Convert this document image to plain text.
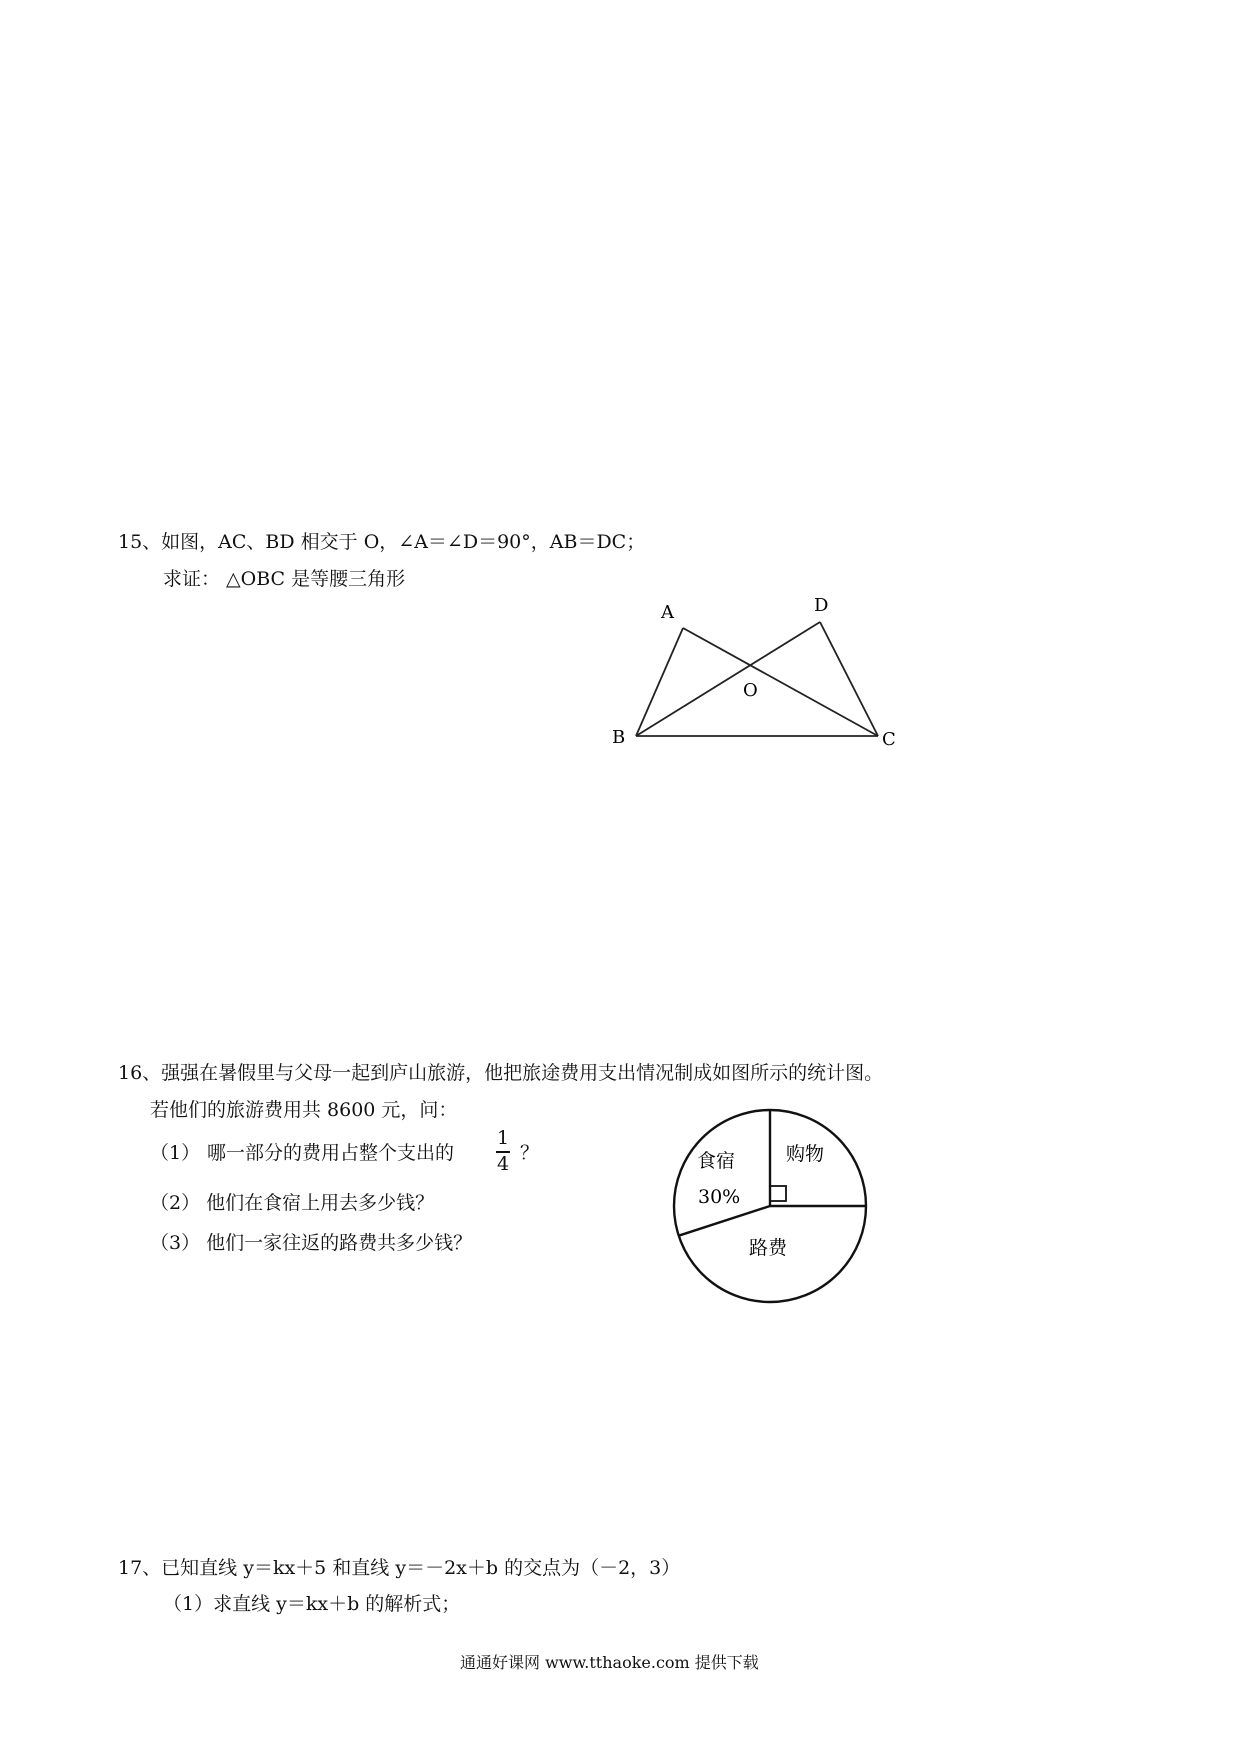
15、如图，AC、BD 相交于 O，∠A＝∠D＝90°，AB＝DC；
求证： △OBC 是等腰三角形
A	D
O
B	C
16、强强在暑假里与父母一起到庐山旅游，他把旅途费用支出情况制成如图所示的统计图。
若他们的旅游费用共 8600 元，问：
（1） 哪一部分的费用占整个支出的
1
4 ？
（2） 他们在食宿上用去多少钱？
（3） 他们一家往返的路费共多少钱？
食宿
30%
购物
路费
17、已知直线 y＝kx＋5 和直线 y＝－2x＋b 的交点为（－2，3）
（1）求直线 y＝kx＋b 的解析式；
通通好课网 www.tthaoke.com 提供下载
